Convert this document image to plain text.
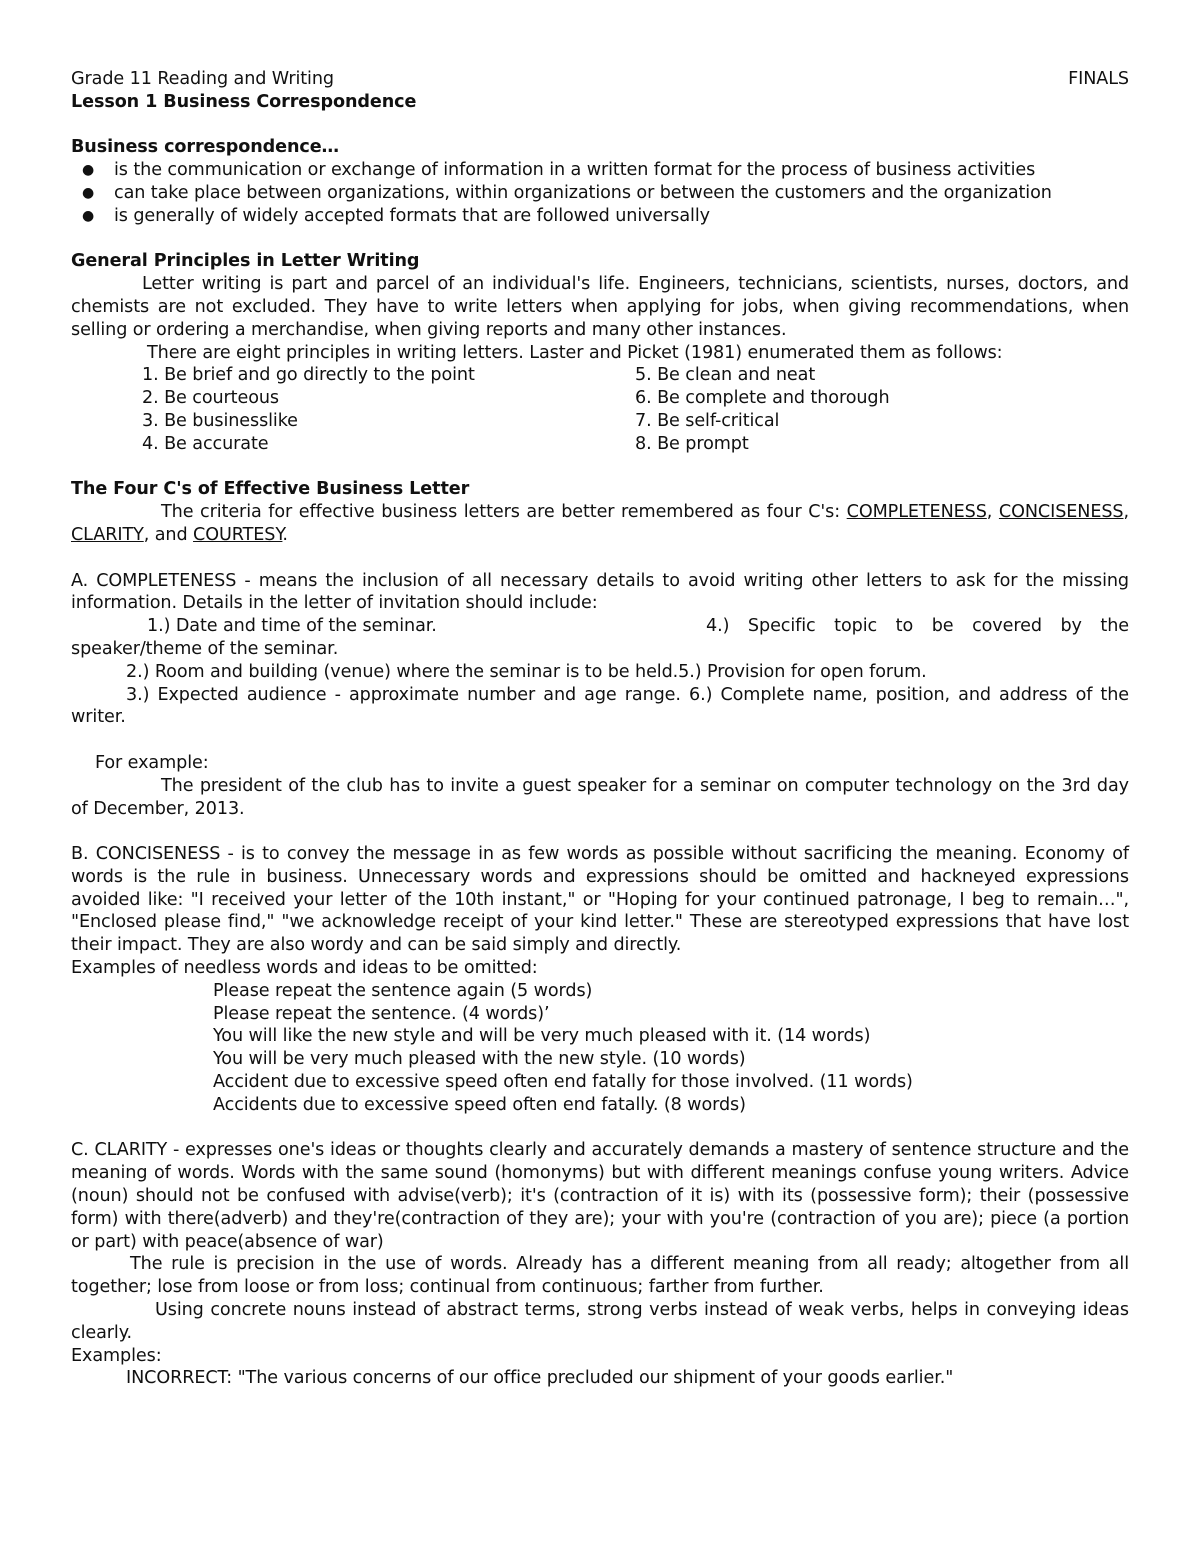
Grade 11 Reading and Writing	FINALS
Lesson 1 Business Correspondence
Business correspondence…
● is the communication or exchange of information in a written format for the process of business activities
● can take place between organizations, within organizations or between the customers and the organization
● is generally of widely accepted formats that are followed universally
General Principles in Letter Writing
Letter writing is part and parcel of an individual's life. Engineers, technicians, scientists, nurses, doctors, and chemists are not excluded. They have to write letters when applying for jobs, when giving recommendations, when selling or ordering a merchandise, when giving reports and many other instances.
There are eight principles in writing letters. Laster and Picket (1981) enumerated them as follows:
1. Be brief and go directly to the point
2. Be courteous
3. Be businesslike
4. Be accurate
5. Be clean and neat
6. Be complete and thorough
7. Be self-critical
8. Be prompt
The Four C's of Effective Business Letter
The criteria for effective business letters are better remembered as four C's: COMPLETENESS, CONCISENESS, CLARITY, and COURTESY.
A. COMPLETENESS - means the inclusion of all necessary details to avoid writing other letters to ask for the missing information. Details in the letter of invitation should include:
1.) Date and time of the seminar.	4.) Specific topic to be covered by the speaker/theme of the seminar.
2.) Room and building (venue) where the seminar is to be held.5.) Provision for open forum.
3.) Expected audience - approximate number and age range. 6.) Complete name, position, and address of the writer.
For example:
The president of the club has to invite a guest speaker for a seminar on computer technology on the 3rd day of December, 2013.
B. CONCISENESS - is to convey the message in as few words as possible without sacrificing the meaning. Economy of words is the rule in business. Unnecessary words and expressions should be omitted and hackneyed expressions avoided like: "I received your letter of the 10th instant," or "Hoping for your continued patronage, I beg to remain…", "Enclosed please find," "we acknowledge receipt of your kind letter." These are stereotyped expressions that have lost their impact. They are also wordy and can be said simply and directly.
Examples of needless words and ideas to be omitted:
Please repeat the sentence again (5 words)
Please repeat the sentence. (4 words)’
You will like the new style and will be very much pleased with it. (14 words)
You will be very much pleased with the new style. (10 words)
Accident due to excessive speed often end fatally for those involved. (11 words)
Accidents due to excessive speed often end fatally. (8 words)
C. CLARITY - expresses one's ideas or thoughts clearly and accurately demands a mastery of sentence structure and the meaning of words. Words with the same sound (homonyms) but with different meanings confuse young writers. Advice (noun) should not be confused with advise(verb); it's (contraction of it is) with its (possessive form); their (possessive form) with there(adverb) and they're(contraction of they are); your with you're (contraction of you are); piece (a portion or part) with peace(absence of war)
The rule is precision in the use of words. Already has a different meaning from all ready; altogether from all together; lose from loose or from loss; continual from continuous; farther from further.
Using concrete nouns instead of abstract terms, strong verbs instead of weak verbs, helps in conveying ideas clearly.
Examples:
INCORRECT: "The various concerns of our office precluded our shipment of your goods earlier."
